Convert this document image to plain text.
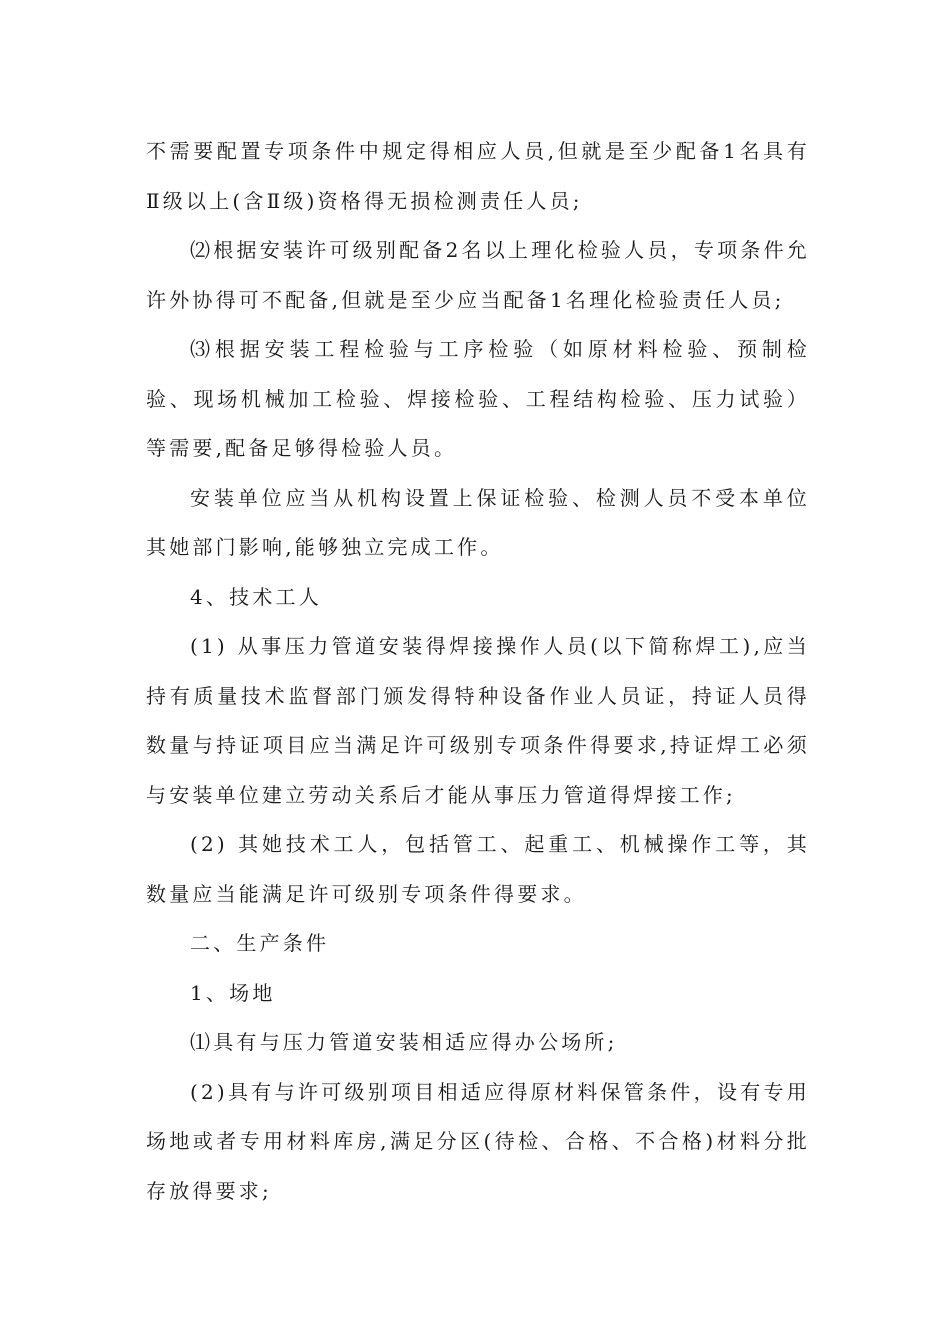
不需要配置专项条件中规定得相应人员,但就是至少配备1名具有Ⅱ级以上(含Ⅱ级)资格得无损检测责任人员;

⑵根据安装许可级别配备2名以上理化检验人员，专项条件允许外协得可不配备,但就是至少应当配备1名理化检验责任人员;

⑶根据安装工程检验与工序检验（如原材料检验、预制检验、现场机械加工检验、焊接检验、工程结构检验、压力试验）等需要,配备足够得检验人员。

安装单位应当从机构设置上保证检验、检测人员不受本单位其她部门影响,能够独立完成工作。

4、技术工人

(1) 从事压力管道安装得焊接操作人员(以下简称焊工),应当持有质量技术监督部门颁发得特种设备作业人员证，持证人员得数量与持证项目应当满足许可级别专项条件得要求,持证焊工必须与安装单位建立劳动关系后才能从事压力管道得焊接工作;

(2) 其她技术工人，包括管工、起重工、机械操作工等，其数量应当能满足许可级别专项条件得要求。

二、生产条件

1、场地

⑴具有与压力管道安装相适应得办公场所;

(2)具有与许可级别项目相适应得原材料保管条件，设有专用场地或者专用材料库房,满足分区(待检、合格、不合格)材料分批存放得要求;
